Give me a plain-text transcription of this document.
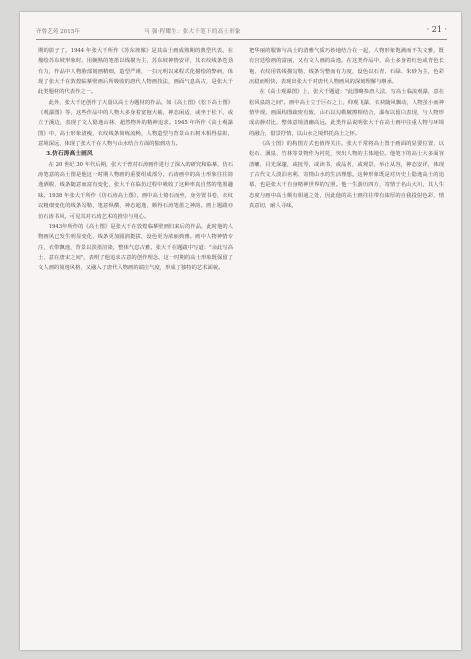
齐鲁艺苑 2015年	马 强·程耀生：张大千笔下的高士形象	· 21 ·

期的影子了。1944 年张大千所作《苏东坡像》是其高士画成熟期的典型代表。在描绘苏东坡形象时，用娴熟的笔墨以线描为主，苏东坡神情安详，其衣纹线条苍劲有力，作品中人物脸部刻画精细，造型严谨，一扫元明以来程式化描绘的弊病，体现了张大千在敦煌临摹壁画后所吸收的唐代人物画技法，画面气息高古，是张大千此类题材的代表作之一。

此外，张大千还创作了大量以高士为题材的作品，如《高士图》《松下高士图》《观瀑图》等，这些作品中的人物大多身着宽袍大袖，神态闲适，或坐于松下，或立于溪边，表现了文人隐逸山林、超然物外的精神追求。1945 年所作《高士观瀑图》中，高士形象清瘦，衣纹线条简练流畅，人物造型与背景山石树木相得益彰，意境深远，体现了张大千在人物与山水结合方面的独到功力。

3.仿石涛高士画风

在 20 世纪 30 年代后期，张大千曾对石涛画作进行了深入的研究和临摹，仿石涛笔意的高士图是他这一时期人物画的重要组成部分。石涛画中的高士形象往往简逸洒脱，线条随意而富有变化，张大千在临仿过程中吸收了这种率真自然的笔墨趣味。1938 年张大千所作《仿石涛高士图》，画中高士倚石而坐，身旁置书卷，衣纹以粗细变化的线条勾勒，笔意纵横，神态超逸，颇得石涛笔墨之神韵。画上题跋亦仿石涛书风，可见其对石涛艺术的推崇与用心。

1943年所作的《高士图》是张大千在敦煌临摹壁画归来后的作品，此时他的人物画风已发生明显变化，线条更加圆润挺拔，设色更为浓丽典雅。画中人物神情专注，衣带飘逸，背景以淡墨渲染，整体气息古雅。张大千在题跋中写道："余此写高士，意在唐宋之间"，表明了他追求古意的创作理念。这一时期的高士形象既保留了文人画的简逸风格，又融入了唐代人物画的端庄气度，形成了独特的艺术面貌。

把华丽的服饰与高士的清雅气质巧妙地结合在一起，人物形象饱满而不失文雅，既有宫廷绘画的富丽，又有文人画的高逸。在这类作品中，高士多身着红色或青色长袍，衣纹用铁线描勾勒，线条匀整而有力度，设色以石青、石绿、朱砂为主，色彩沉稳而明快，表现出张大千对唐代人物画风的深刻理解与继承。

在《高士观瀑图》上，张大千题道："此图略参唐人法，写高士临流观瀑，意在松风泉韵之间"。画中高士立于巨石之上，仰观飞瀑，衣袂随风飘动，人物虽小而神情毕现。画面构图疏密有致，山石以勾勒皴擦相结合，瀑布以留白表现，与人物形成动静对比，整体意境清幽高远。此类作品说明张大千在高士画中注重人物与环境的融合，借景抒情，以山水之境烘托高士之怀。

《高士图》的构图方式也值得关注。张大千常将高士置于画面的显要位置，以松石、溪泉、竹林等景物作为衬托，突出人物的主体地位。他笔下的高士大多面容清癯，目光深邃，或抚琴，或读书，或品茗，或观景，举止从容，神态安详，体现了古代文人淡泊名利、寄情山水的生活理想。这种形象既是对历史上隐逸高士的追慕，也是张大千自身精神世界的写照。他一生游历四方，寄情于名山大川，其人生态度与画中高士颇有相通之处，因此他的高士画往往带有浓厚的自我投射色彩，情真意切，耐人寻味。
